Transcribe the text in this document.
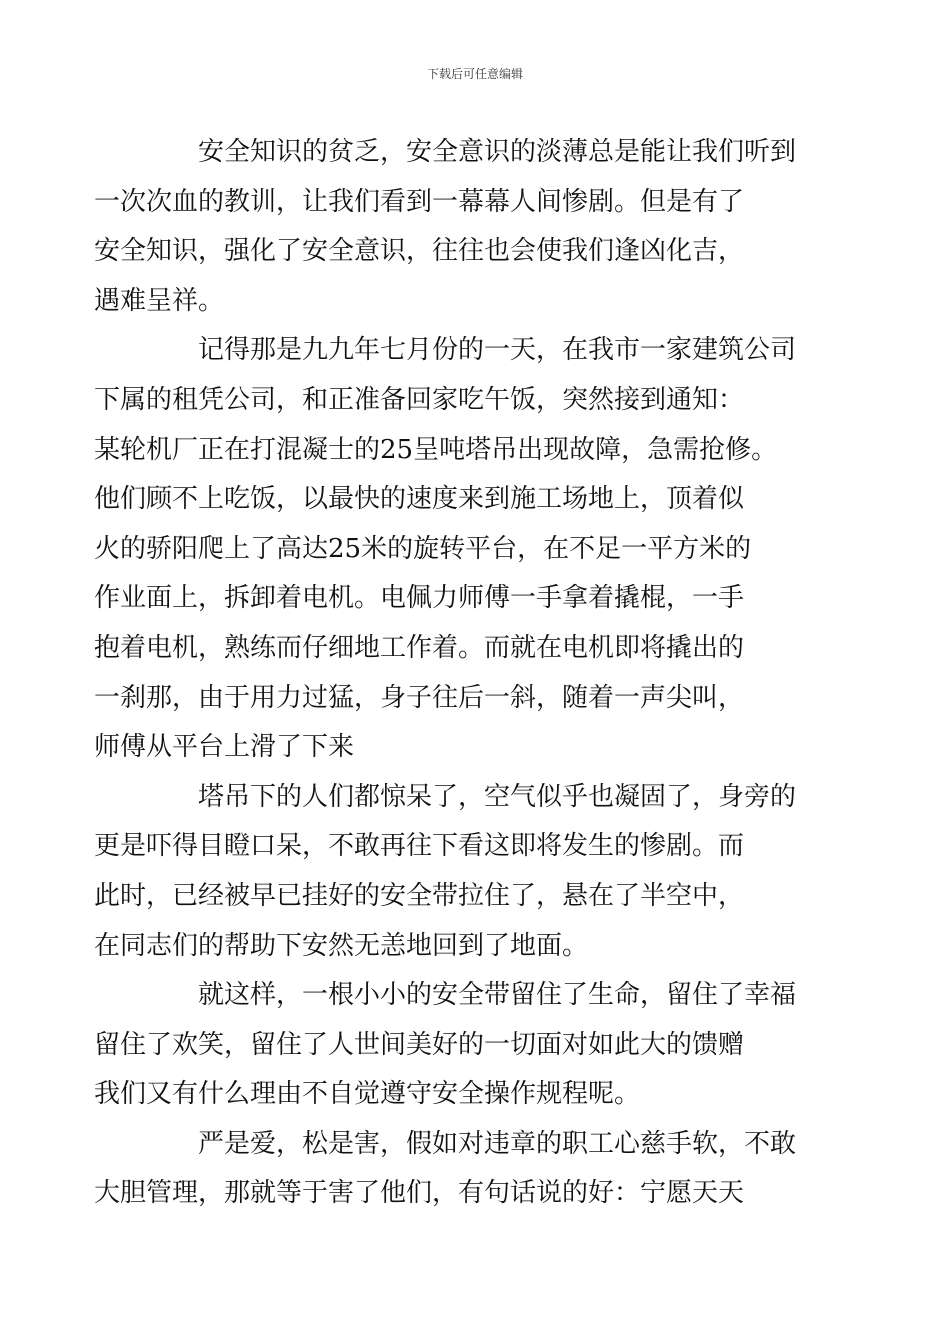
下载后可任意编辑

安全知识的贫乏，安全意识的淡薄总是能让我们听到
一次次血的教训，让我们看到一幕幕人间惨剧。但是有了
安全知识，强化了安全意识，往往也会使我们逢凶化吉，
遇难呈祥。

记得那是九九年七月份的一天，在我市一家建筑公司
下属的租凭公司，和正准备回家吃午饭，突然接到通知：
某轮机厂正在打混凝士的25呈吨塔吊出现故障，急需抢修。
他们顾不上吃饭，以最快的速度来到施工场地上，顶着似
火的骄阳爬上了高达25米的旋转平台，在不足一平方米的
作业面上，拆卸着电机。电佩力师傅一手拿着撬棍，一手
抱着电机，熟练而仔细地工作着。而就在电机即将撬出的
一刹那，由于用力过猛，身子往后一斜，随着一声尖叫，
师傅从平台上滑了下来

塔吊下的人们都惊呆了，空气似乎也凝固了，身旁的
更是吓得目瞪口呆，不敢再往下看这即将发生的惨剧。而
此时，已经被早已挂好的安全带拉住了，悬在了半空中，
在同志们的帮助下安然无恙地回到了地面。

就这样，一根小小的安全带留住了生命，留住了幸福
留住了欢笑，留住了人世间美好的一切面对如此大的馈赠
我们又有什么理由不自觉遵守安全操作规程呢。

严是爱，松是害，假如对违章的职工心慈手软，不敢
大胆管理，那就等于害了他们，有句话说的好：宁愿天天
